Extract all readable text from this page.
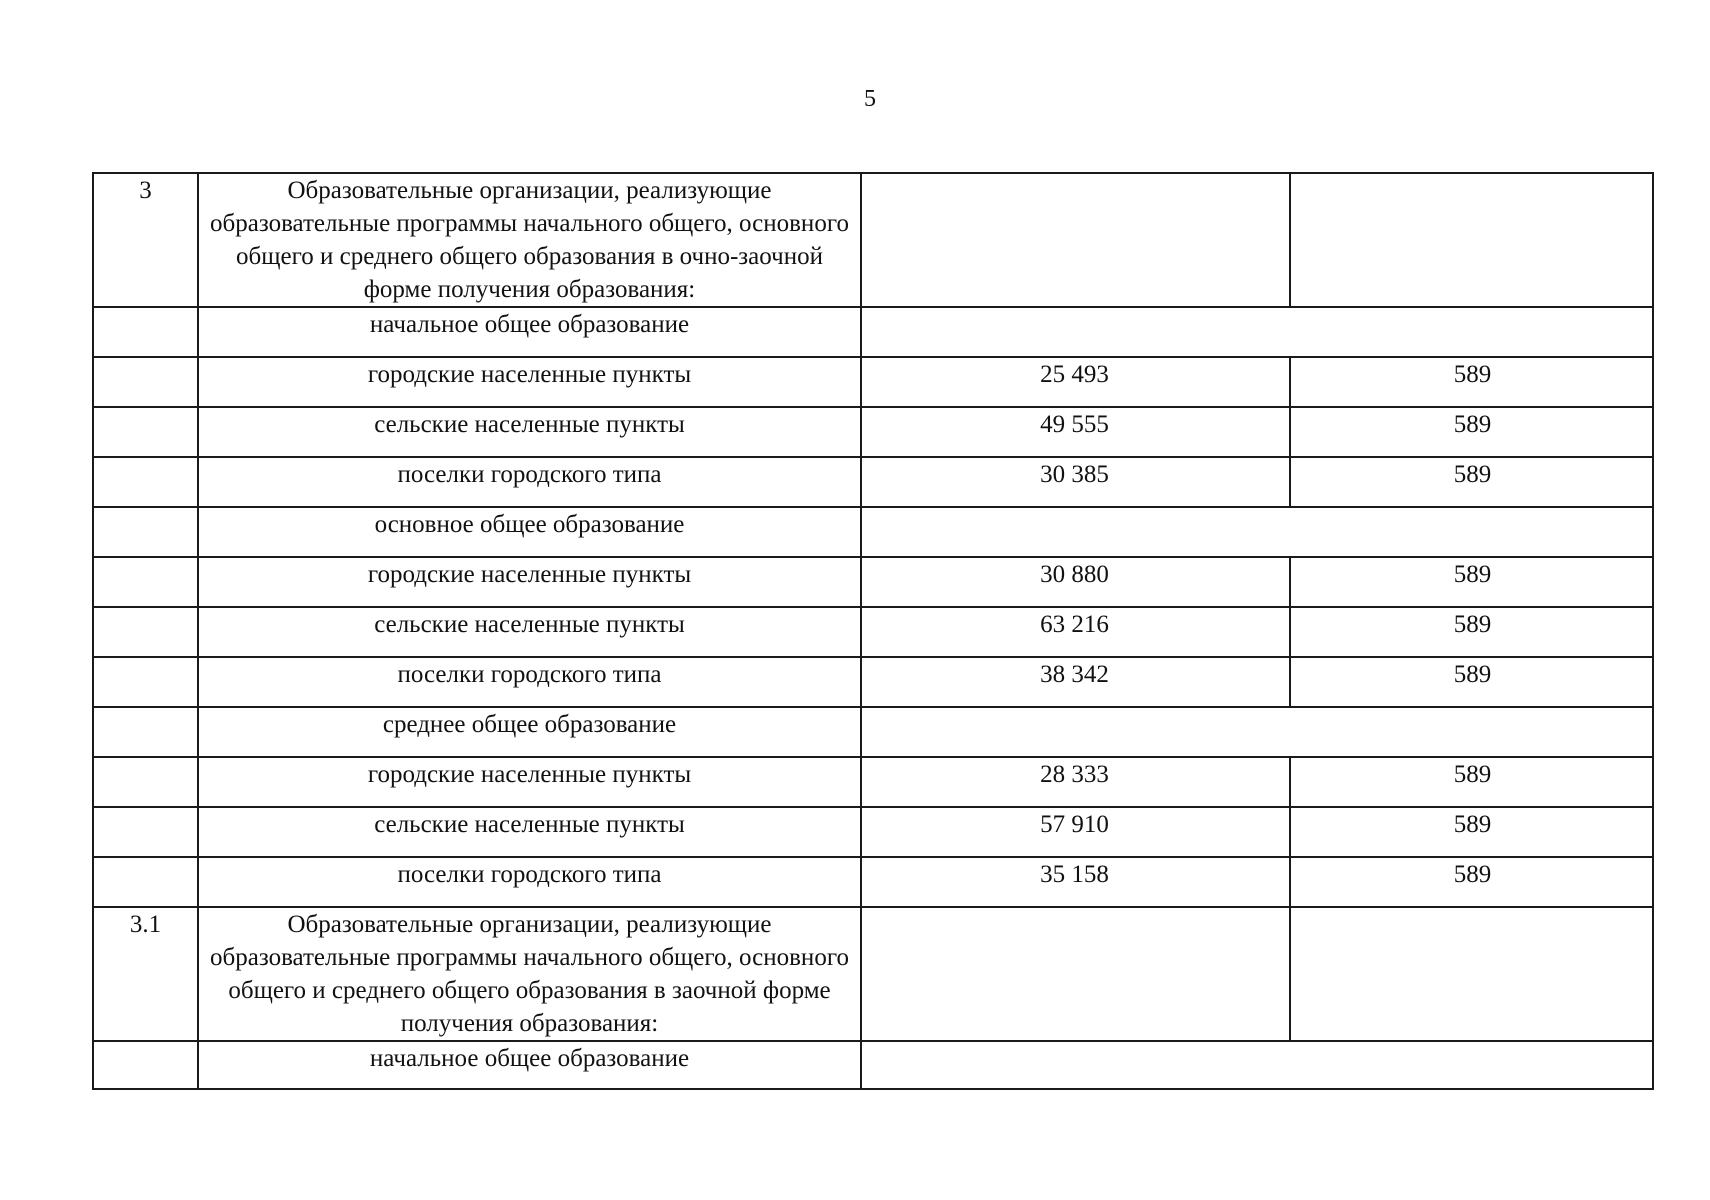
5
3	Образовательные организации, реализующие образовательные программы начального общего, основного общего и среднего общего образования в очно-заочной форме получения образования:		
	начальное общее образование		
	городские населенные пункты	25 493	589
	сельские населенные пункты	49 555	589
	поселки городского типа	30 385	589
	основное общее образование		
	городские населенные пункты	30 880	589
	сельские населенные пункты	63 216	589
	поселки городского типа	38 342	589
	среднее общее образование		
	городские населенные пункты	28 333	589
	сельские населенные пункты	57 910	589
	поселки городского типа	35 158	589
3.1	Образовательные организации, реализующие образовательные программы начального общего, основного общего и среднего общего образования в заочной форме получения образования:		
	начальное общее образование		
